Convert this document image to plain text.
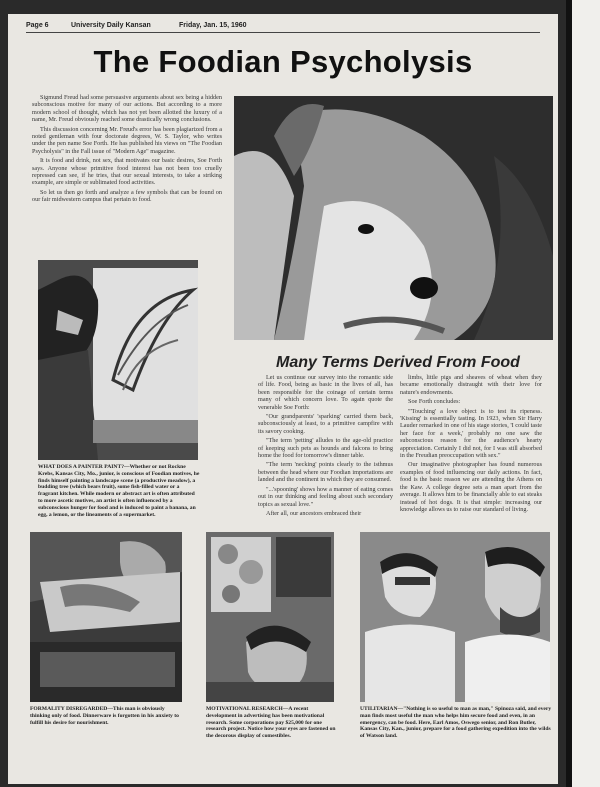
Page 6	University Daily Kansan	Friday, Jan. 15, 1960
The Foodian Psycholysis

Sigmund Freud had some persuasive arguments about sex being a hidden subconscious motive for many of our actions. But according to a more modern school of thought, which has not yet been allotted the luxury of a name, Mr. Freud obviously reached some drastically wrong conclusions.

This discussion concerning Mr. Freud's error has been plagiarized from a noted gentleman with four doctorate degrees, W. S. Taylor, who writes under the pen name Soe Forth. He has published his views on "The Foodian Psycholysis" in the Fall issue of "Modern Age" magazine.

It is food and drink, not sex, that motivates our basic desires, Soe Forth says. Anyone whose primitive food interest has not been too cruelly repressed can see, if he tries, that our sexual interests, to take a striking example, are simple or sublimated food activities.

So let us then go forth and analyze a few symbols that can be found on our fair midwestern campus that pertain to food.

WHAT DOES A PAINTER PAINT?—Whether or not Rockne Krebs, Kansas City, Mo., junior, is conscious of Foodian motives, he finds himself painting a landscape scene (a productive meadow), a budding tree (which bears fruit), some fish-filled water or a fragrant kitchen. While modern or abstract art is often attributed to more ascetic motives, an artist is often influenced by a subconscious hunger for food and is induced to paint a banana, an egg, a lemon, or the lineaments of a supermarket.
Many Terms Derived From Food

Let us continue our survey into the romantic side of life. Food, being as basic in the lives of all, has been responsible for the coinage of certain terms many of which concern love. To again quote the venerable Soe Forth:

"Our grandparents' 'sparking' carried them back, subconsciously at least, to a primitive campfire with its savory cooking.

"The term 'petting' alludes to the age-old practice of keeping such pets as hounds and falcons to bring home the food for tomorrow's dinner table.

"The term 'necking' points clearly to the isthmus between the head where our Foodian importations are landed and the continent in which they are consumed.

"...'spooning' shows how a manner of eating comes out in our thinking and feeling about such secondary topics as sexual love."

After all, our ancestors embraced their

limbs, little pigs and sheaves of wheat when they became emotionally distraught with their love for nature's endowments.

Soe Forth concludes:

"'Touching' a love object is to test its ripeness. 'Kissing' is essentially tasting. In 1923, when Sir Harry Lauder remarked in one of his stage stories, 'I could taste her face for a week,' probably no one saw the subconscious reason for the audience's hearty appreciation. Certainly I did not, for I was still absorbed in the Freudian preoccupation with sex."

Our imaginative photographer has found numerous examples of food influencing our daily actions. In fact, food is the basic reason we are attending the Athens on the Kaw. A college degree sets a man apart from the average. It allows him to be financially able to eat steaks instead of hot dogs. It is that simple: increasing our knowledge allows us to raise our standard of living.

FORMALITY DISREGARDED—This man is obviously thinking only of food. Dinnerware is forgotten in his anxiety to fulfill his desire for nourishment.
MOTIVATIONAL RESEARCH—A recent development in advertising has been motivational research. Some corporations pay $25,000 for one research project. Notice how your eyes are fastened on the decorous display of comestibles.
UTILITARIAN—"Nothing is so useful to man as man," Spinoza said, and every man finds most useful the man who helps him secure food and even, in an emergency, can be food. Here, Earl Amos, Oswego senior, and Ron Butler, Kansas City, Kan., junior, prepare for a food gathering expedition into the wilds of Watson land.
